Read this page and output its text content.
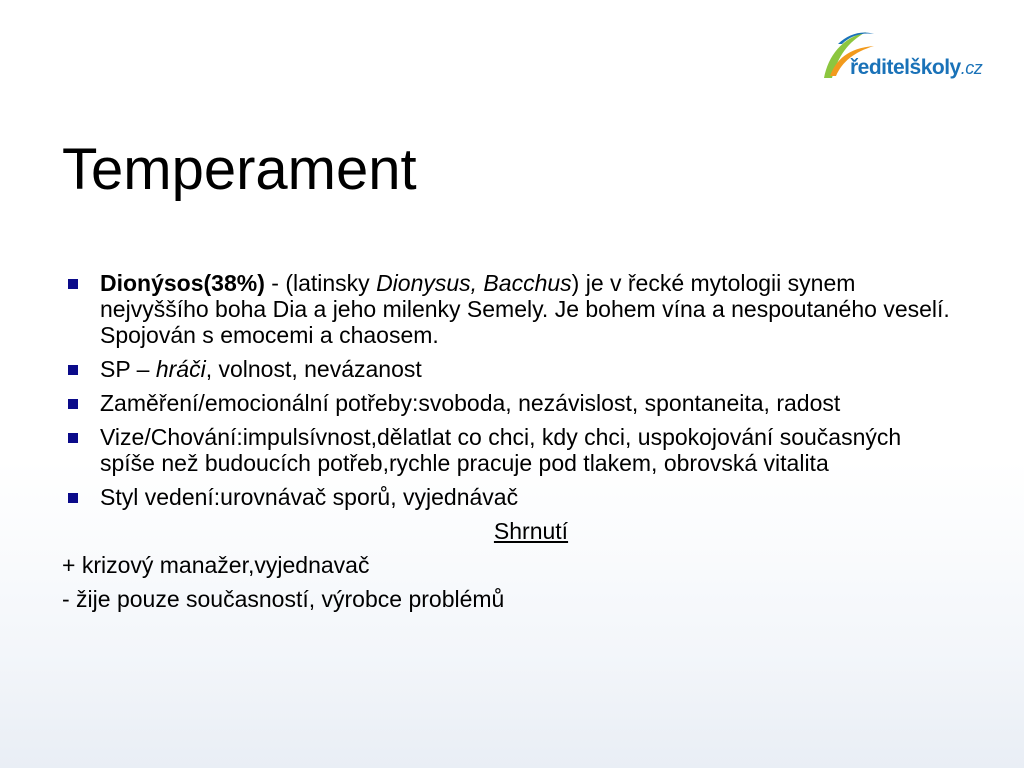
ředitelškoly.cz
Temperament
Dionýsos(38%) - (latinsky Dionysus, Bacchus) je v řecké mytologii synem nejvyššího boha Dia a jeho milenky Semely. Je bohem vína a nespoutaného veselí. Spojován s emocemi a chaosem.
SP – hráči, volnost, nevázanost
Zaměření/emocionální potřeby:svoboda, nezávislost, spontaneita, radost
Vize/Chování:impulsívnost,dělatlat co chci, kdy chci, uspokojování současných spíše než budoucích potřeb,rychle pracuje pod tlakem, obrovská vitalita
Styl vedení:urovnávač sporů, vyjednávač
Shrnutí
+ krizový manažer,vyjednavač
- žije pouze současností, výrobce problémů
